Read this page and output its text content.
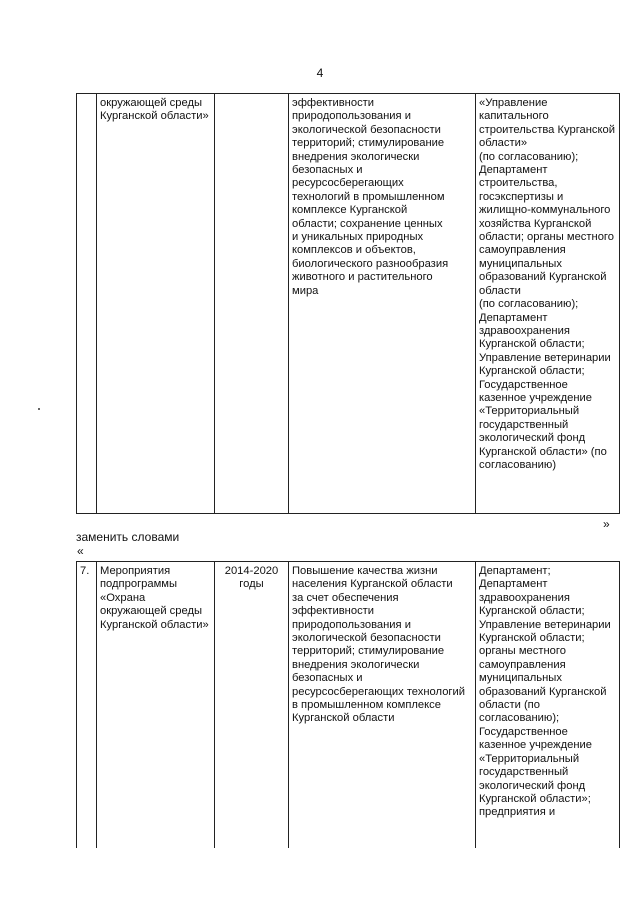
4
	окружающей среды
Курганской области»		эффективности
природопользования и
экологической безопасности
территорий; стимулирование
внедрения экологически
безопасных и
ресурсосберегающих
технологий в промышленном
комплексе Курганской
области; сохранение ценных
и уникальных природных
комплексов и объектов,
биологического разнообразия
животного и растительного
мира	«Управление
капитального
строительства Курганской
области»
(по согласованию);
Департамент
строительства,
госэкспертизы и
жилищно-коммунального
хозяйства Курганской
области; органы местного
самоуправления
муниципальных
образований Курганской
области
(по согласованию);
Департамент
здравоохранения
Курганской области;
Управление ветеринарии
Курганской области;
Государственное
казенное учреждение
«Территориальный
государственный
экологический фонд
Курганской области» (по
согласованию)
»
заменить словами
«
7.	Мероприятия
подпрограммы
«Охрана
окружающей среды
Курганской области»	2014-2020
годы	Повышение качества жизни
населения Курганской области
за счет обеспечения
эффективности
природопользования и
экологической безопасности
территорий; стимулирование
внедрения экологически
безопасных и
ресурсосберегающих технологий
в промышленном комплексе
Курганской области	Департамент;
Департамент
здравоохранения
Курганской области;
Управление ветеринарии
Курганской области;
органы местного
самоуправления
муниципальных
образований Курганской
области (по
согласованию);
Государственное
казенное учреждение
«Территориальный
государственный
экологический фонд
Курганской области»;
предприятия и
